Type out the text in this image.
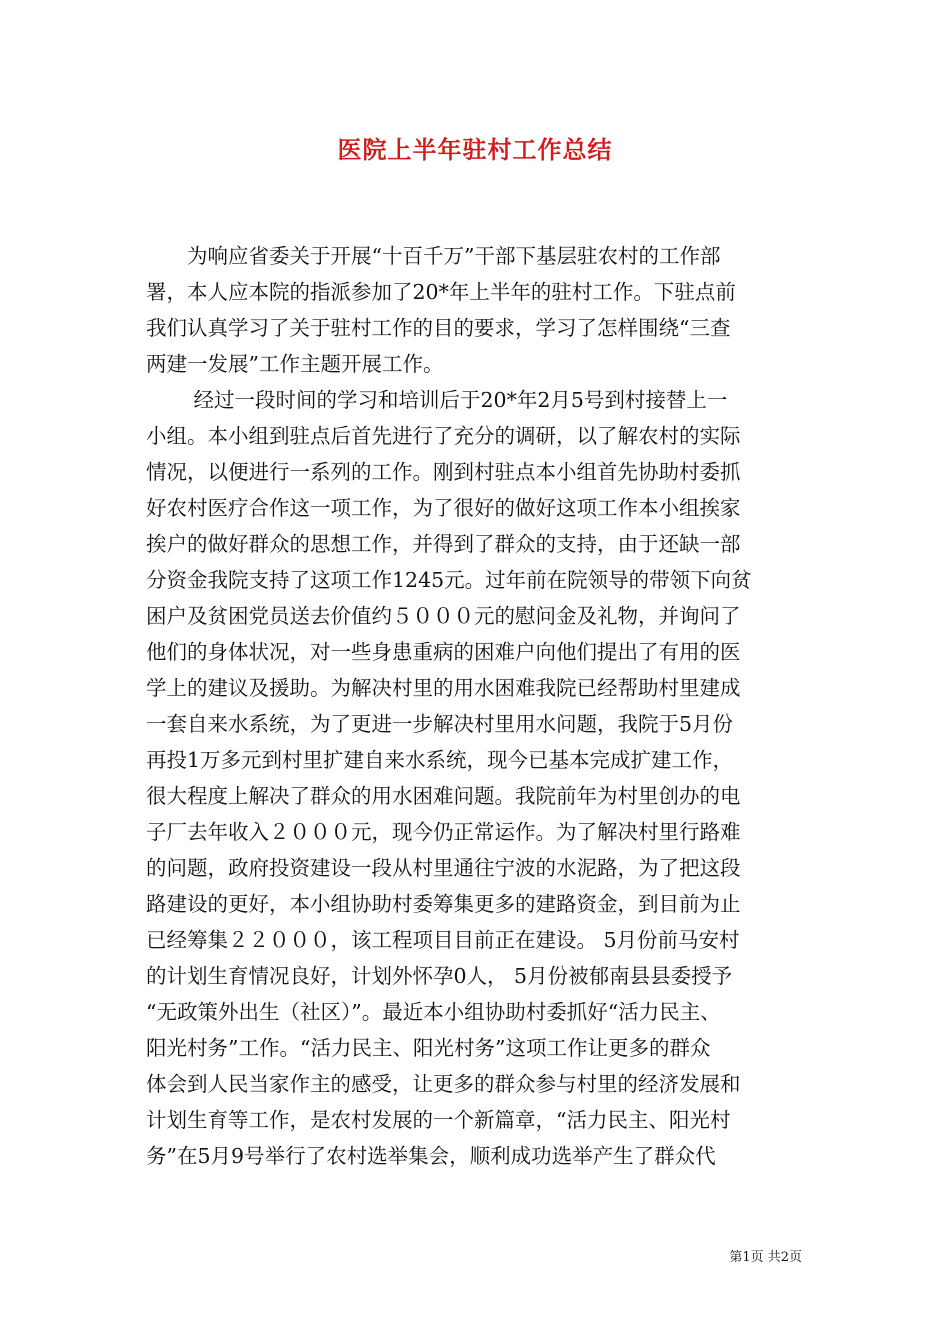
医院上半年驻村工作总结
　　为响应省委关于开展“十百千万”干部下基层驻农村的工作部
署，本人应本院的指派参加了20*年上半年的驻村工作。下驻点前
我们认真学习了关于驻村工作的目的要求，学习了怎样围绕“三查
两建一发展”工作主题开展工作。
　　 经过一段时间的学习和培训后于20*年2月5号到村接替上一
小组。本小组到驻点后首先进行了充分的调研，以了解农村的实际
情况，以便进行一系列的工作。刚到村驻点本小组首先协助村委抓
好农村医疗合作这一项工作，为了很好的做好这项工作本小组挨家
挨户的做好群众的思想工作，并得到了群众的支持，由于还缺一部
分资金我院支持了这项工作1245元。过年前在院领导的带领下向贫
困户及贫困党员送去价值约５０００元的慰问金及礼物，并询问了
他们的身体状况，对一些身患重病的困难户向他们提出了有用的医
学上的建议及援助。为解决村里的用水困难我院已经帮助村里建成
一套自来水系统，为了更进一步解决村里用水问题，我院于5月份
再投1万多元到村里扩建自来水系统，现今已基本完成扩建工作，
很大程度上解决了群众的用水困难问题。我院前年为村里创办的电
子厂去年收入２０００元，现今仍正常运作。为了解决村里行路难
的问题，政府投资建设一段从村里通往宁波的水泥路，为了把这段
路建设的更好，本小组协助村委筹集更多的建路资金，到目前为止
已经筹集２２０００，该工程项目目前正在建设。 5月份前马安村
的计划生育情况良好，计划外怀孕0人， 5月份被郁南县县委授予
“无政策外出生（社区）”。最近本小组协助村委抓好“活力民主、
阳光村务”工作。“活力民主、阳光村务”这项工作让更多的群众
体会到人民当家作主的感受，让更多的群众参与村里的经济发展和
计划生育等工作，是农村发展的一个新篇章，“活力民主、阳光村
务”在5月9号举行了农村选举集会，顺利成功选举产生了群众代
第1页 共2页
